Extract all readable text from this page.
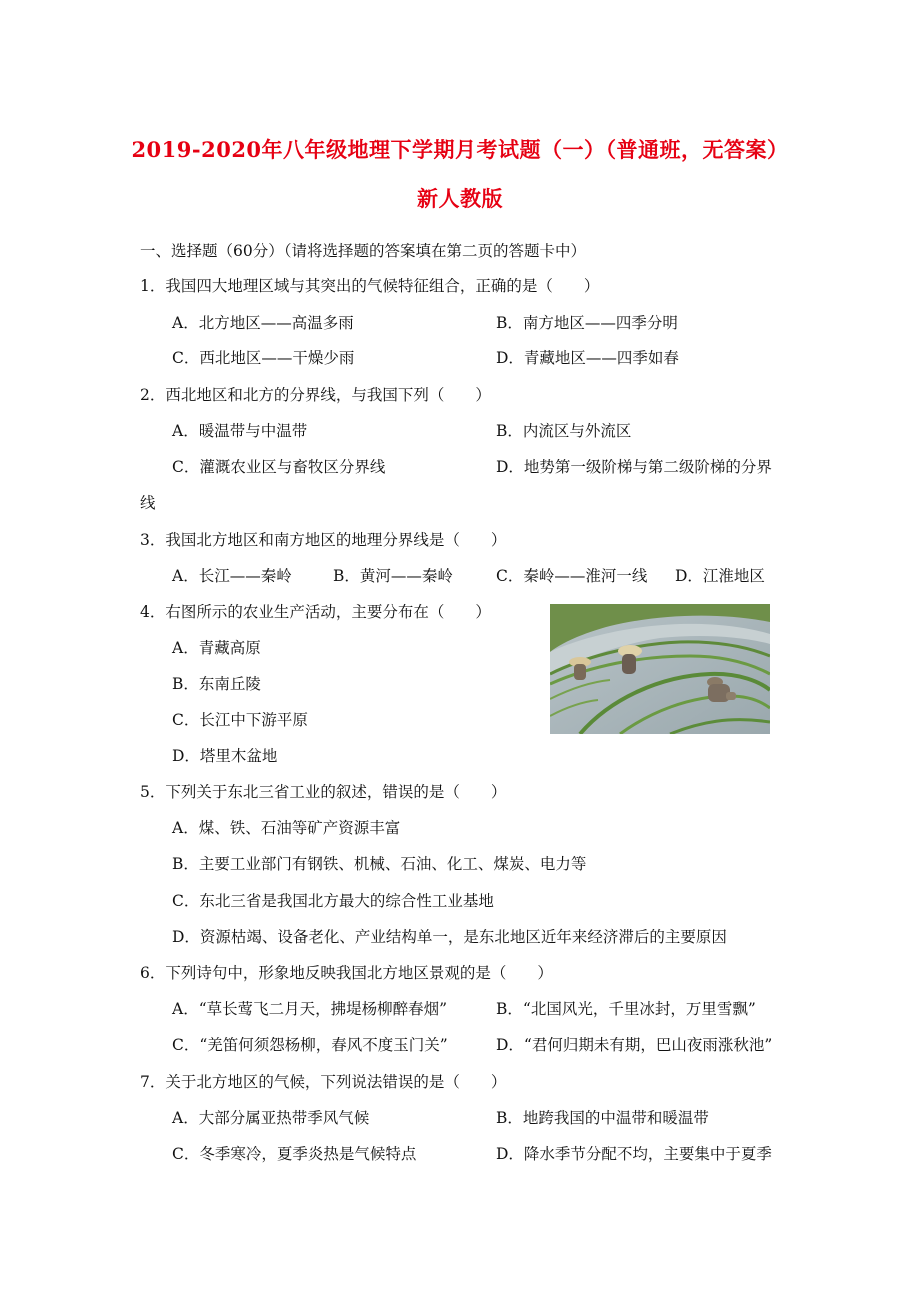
2019-2020年八年级地理下学期月考试题（一）（普通班，无答案）
新人教版
一、选择题（60分）（请将选择题的答案填在第二页的答题卡中）
1．我国四大地理区域与其突出的气候特征组合，正确的是（　　）
A．北方地区——高温多雨	B．南方地区——四季分明
C．西北地区——干燥少雨	D．青藏地区——四季如春
2．西北地区和北方的分界线，与我国下列（　　）
A．暖温带与中温带	B．内流区与外流区
C．灌溉农业区与畜牧区分界线	D．地势第一级阶梯与第二级阶梯的分界
线
3．我国北方地区和南方地区的地理分界线是（　　）
A．长江——秦岭	B．黄河——秦岭	C．秦岭——淮河一线 D．江淮地区
4．右图所示的农业生产活动，主要分布在（　　）
A．青藏高原
B．东南丘陵
C．长江中下游平原
D．塔里木盆地
5．下列关于东北三省工业的叙述，错误的是（　　）
A．煤、铁、石油等矿产资源丰富
B．主要工业部门有钢铁、机械、石油、化工、煤炭、电力等
C．东北三省是我国北方最大的综合性工业基地
D．资源枯竭、设备老化、产业结构单一，是东北地区近年来经济滞后的主要原因
6．下列诗句中，形象地反映我国北方地区景观的是（　　）
A．“草长莺飞二月天，拂堤杨柳醉春烟”	B．“北国风光，千里冰封，万里雪飘”
C．“羌笛何须怨杨柳，春风不度玉门关”	D．“君何归期未有期，巴山夜雨涨秋池”
7．关于北方地区的气候，下列说法错误的是（　　）
A．大部分属亚热带季风气候	B．地跨我国的中温带和暖温带
C．冬季寒冷，夏季炎热是气候特点	D．降水季节分配不均，主要集中于夏季
